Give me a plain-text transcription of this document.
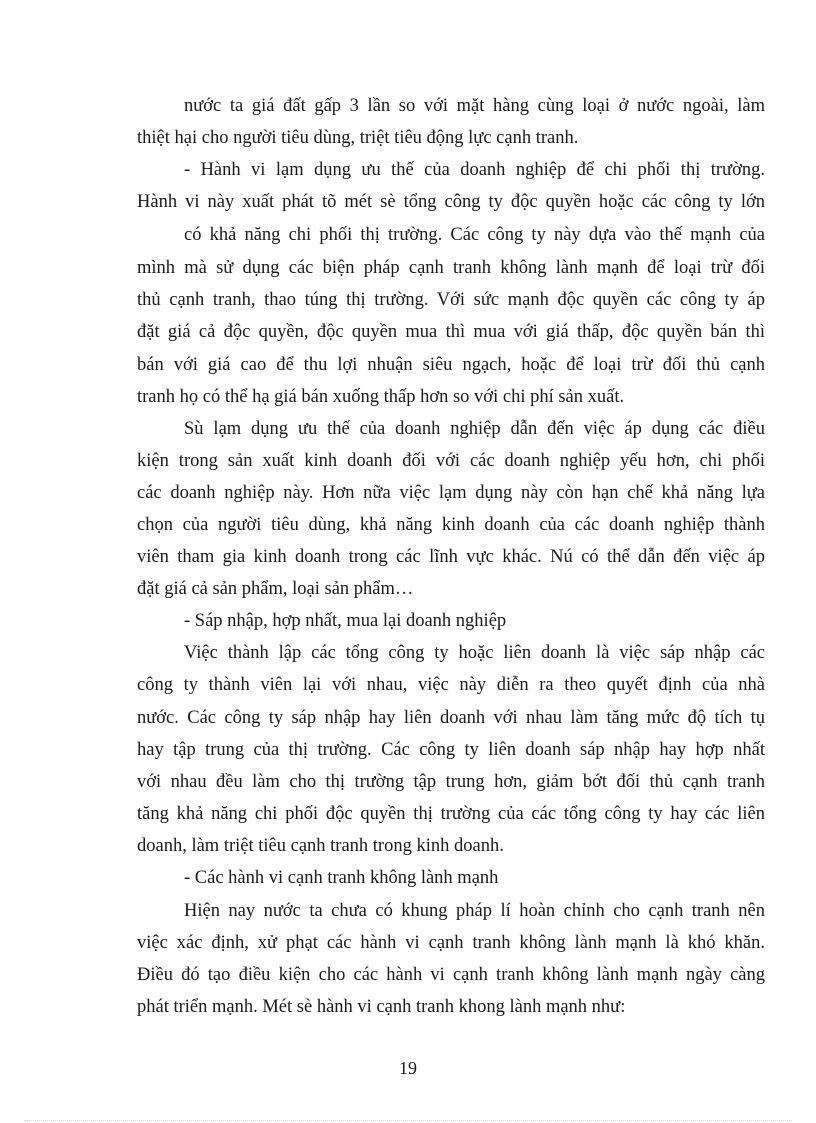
nước ta giá đất gấp 3 lần so với mặt hàng cùng loại ở nước ngoài, làm
thiệt hại cho người tiêu dùng, triệt tiêu động lực cạnh tranh.
- Hành vi lạm dụng ưu thế của doanh nghiệp để chi phối thị trường.
Hành vi này xuất phát tõ mét sè tổng công ty độc quyền hoặc các công ty lớn
có khả năng chi phối thị trường. Các công ty này dựa vào thế mạnh của
mình mà sử dụng các biện pháp cạnh tranh không lành mạnh để loại trừ đối
thủ cạnh tranh, thao túng thị trường. Với sức mạnh độc quyền các công ty áp
đặt giá cả độc quyền, độc quyền mua thì mua với giá thấp, độc quyền bán thì
bán với giá cao để thu lợi nhuận siêu ngạch, hoặc để loại trừ đối thủ cạnh
tranh họ có thể hạ giá bán xuống thấp hơn so với chi phí sản xuất.
Sù lạm dụng ưu thế của doanh nghiệp dẫn đến việc áp dụng các điều
kiện trong sản xuất kinh doanh đối với các doanh nghiệp yếu hơn, chi phối
các doanh nghiệp này. Hơn nữa việc lạm dụng này còn hạn chế khả năng lựa
chọn của người tiêu dùng, khả năng kinh doanh của các doanh nghiệp thành
viên tham gia kinh doanh trong các lĩnh vực khác. Nú có thể dẫn đến việc áp
đặt giá cả sản phẩm, loại sản phẩm…
- Sáp nhập, hợp nhất, mua lại doanh nghiệp
Việc thành lập các tổng công ty hoặc liên doanh là việc sáp nhập các
công ty thành viên lại với nhau, việc này diễn ra theo quyết định của nhà
nước. Các công ty sáp nhập hay liên doanh với nhau làm tăng mức độ tích tụ
hay tập trung của thị trường. Các công ty liên doanh sáp nhập hay hợp nhất
với nhau đều làm cho thị trường tập trung hơn, giảm bớt đối thủ cạnh tranh
tăng khả năng chi phối độc quyền thị trường của các tổng công ty hay các liên
doanh, làm triệt tiêu cạnh tranh trong kinh doanh.
- Các hành vi cạnh tranh không lành mạnh
Hiện nay nước ta chưa có khung pháp lí hoàn chỉnh cho cạnh tranh nên
việc xác định, xử phạt các hành vi cạnh tranh không lành mạnh là khó khăn.
Điều đó tạo điều kiện cho các hành vi cạnh tranh không lành mạnh ngày càng
phát triển mạnh. Mét sè hành vi cạnh tranh khong lành mạnh như:
19
